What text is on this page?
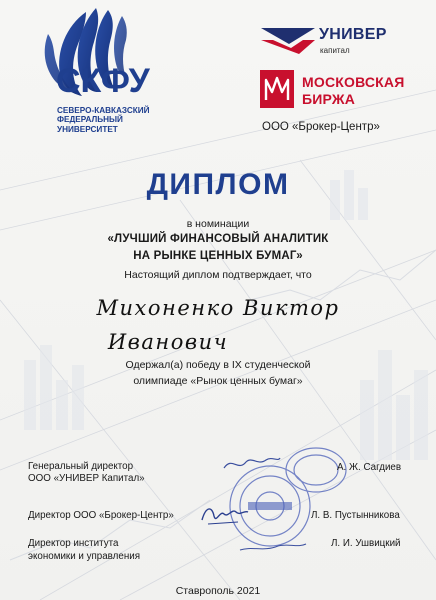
СКФУ
СЕВЕРО-КАВКАЗСКИЙ
ФЕДЕРАЛЬНЫЙ
УНИВЕРСИТЕТ
УНИВЕР
капитал
МОСКОВСКАЯ
БИРЖА
ООО «Брокер-Центр»
ДИПЛОМ
в номинации
«ЛУЧШИЙ ФИНАНСОВЫЙ АНАЛИТИК
НА РЫНКЕ ЦЕННЫХ БУМАГ»
Настоящий диплом подтверждает, что
Михоненко Виктор
Иванович
Одержал(а) победу в IX студенческой
олимпиаде «Рынок ценных бумаг»
Генеральный директор
ООО «УНИВЕР Капитал»
А. Ж. Сагдиев
Директор ООО «Брокер-Центр»	Л. В. Пустынникова
Директор института
экономики и управления
Л. И. Ушвицкий
Ставрополь 2021
